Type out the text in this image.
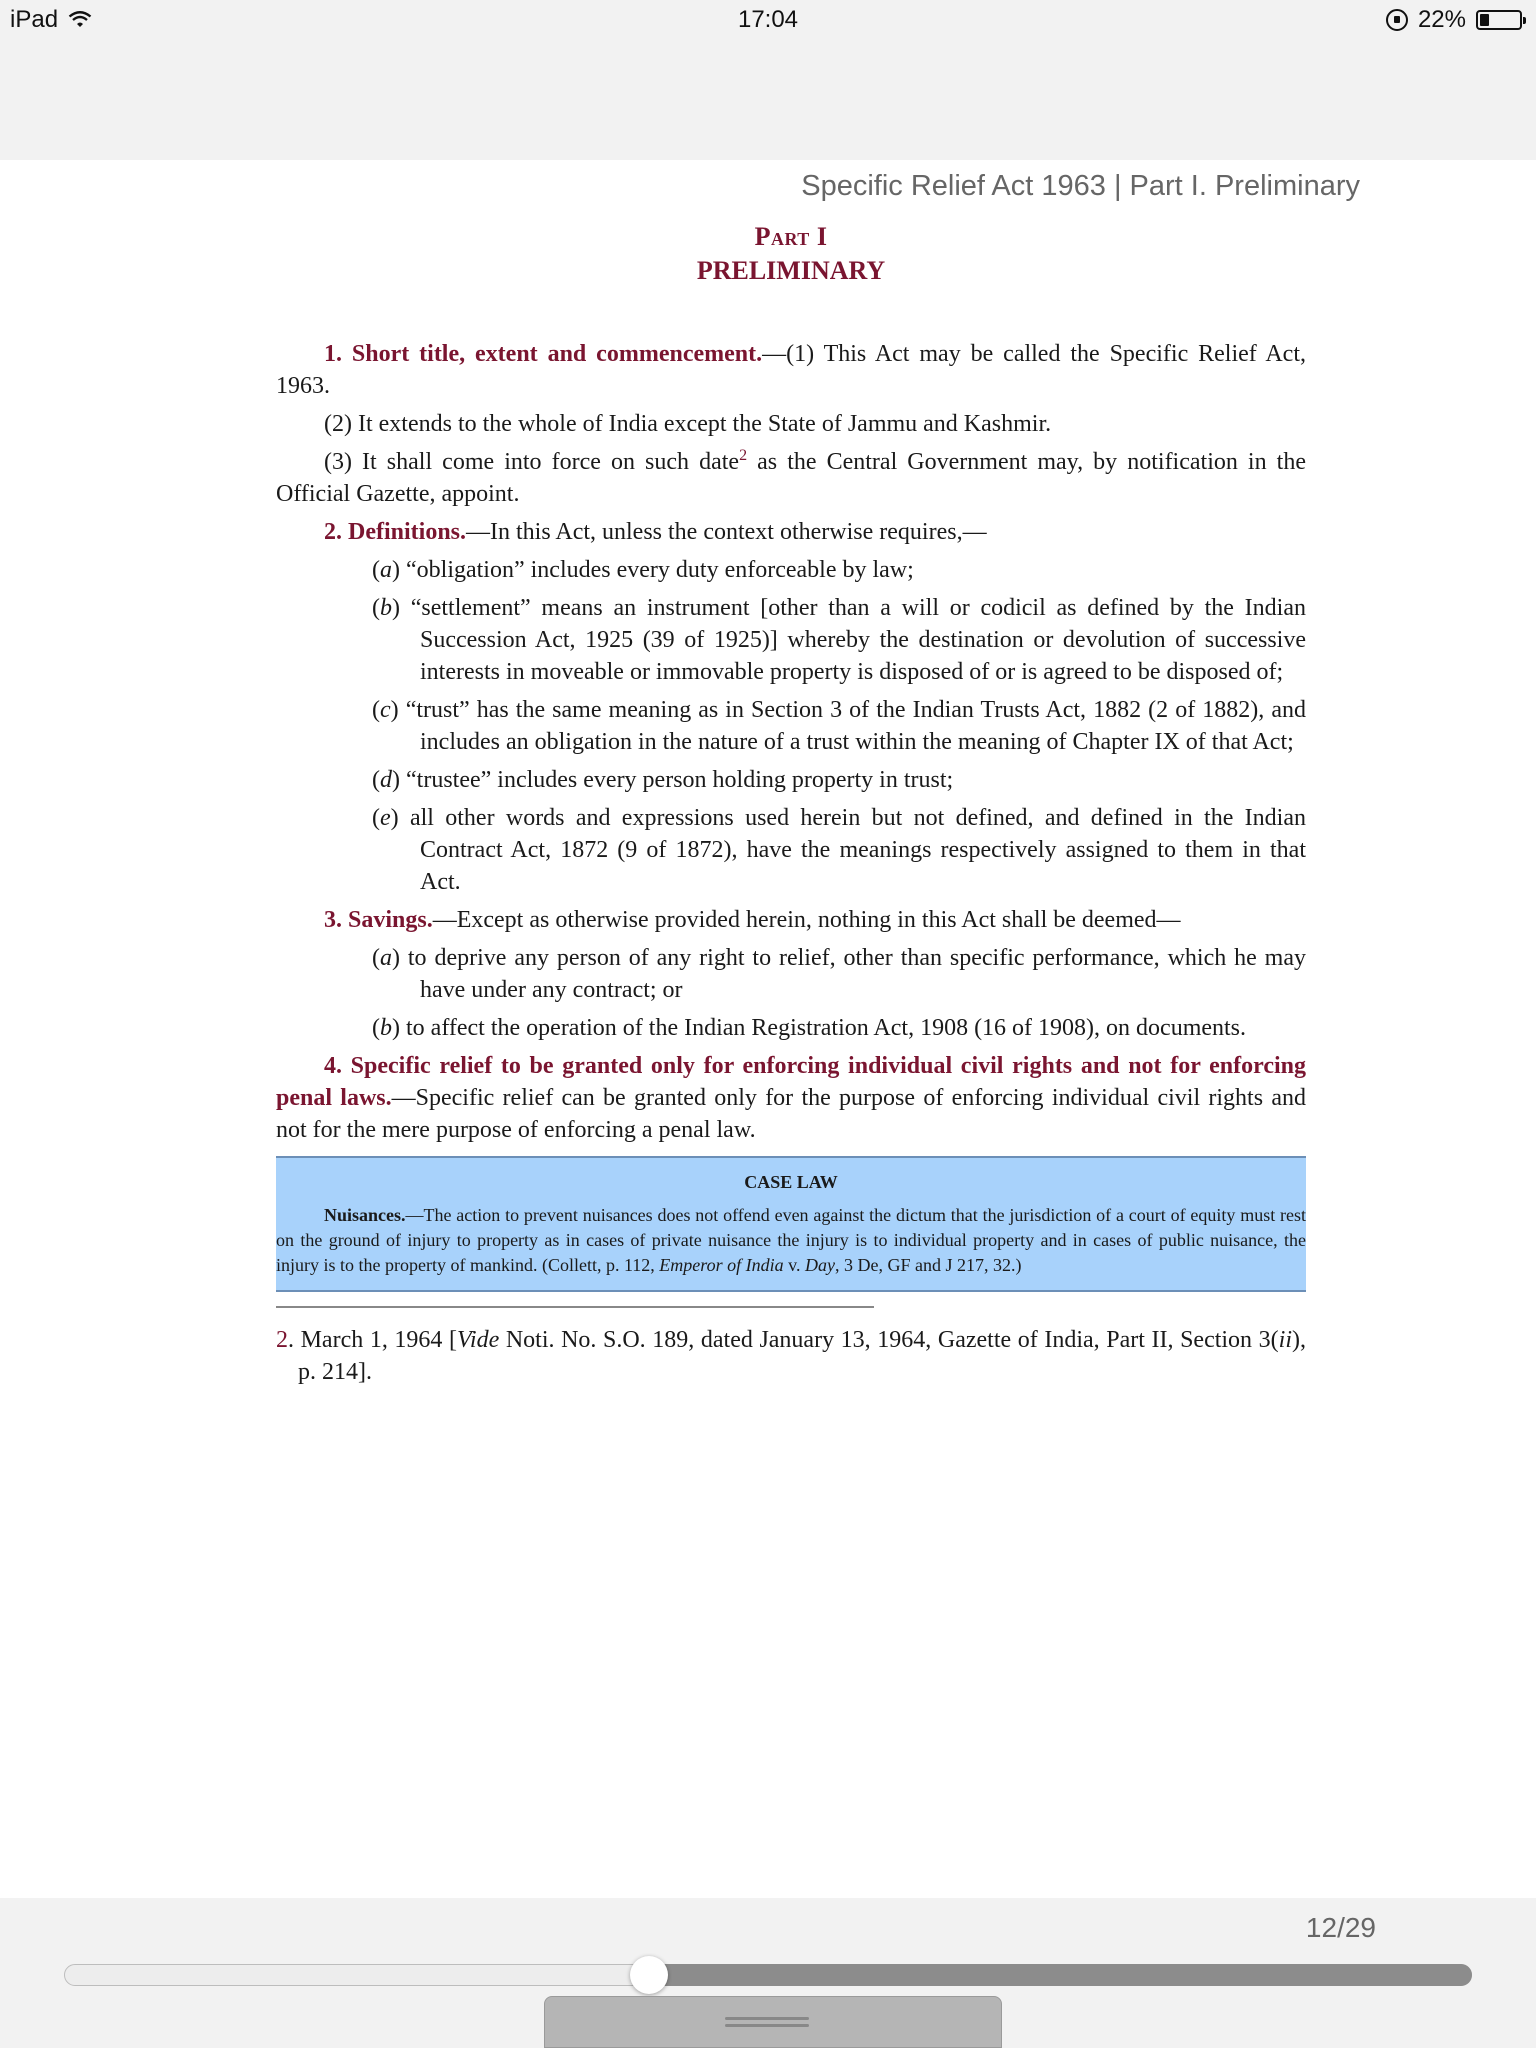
iPad	17:04	22%
Specific Relief Act 1963 | Part I. Preliminary
Part I
PRELIMINARY
1. Short title, extent and commencement.—(1) This Act may be called the Specific Relief Act, 1963.
(2) It extends to the whole of India except the State of Jammu and Kashmir.
(3) It shall come into force on such date$^2$ as the Central Government may, by notification in the Official Gazette, appoint.
2. Definitions.—In this Act, unless the context otherwise requires,—
(a) “obligation” includes every duty enforceable by law;
(b) “settlement” means an instrument [other than a will or codicil as defined by the Indian Succession Act, 1925 (39 of 1925)] whereby the destination or devolution of successive interests in moveable or immovable property is disposed of or is agreed to be disposed of;
(c) “trust” has the same meaning as in Section 3 of the Indian Trusts Act, 1882 (2 of 1882), and includes an obligation in the nature of a trust within the meaning of Chapter IX of that Act;
(d) “trustee” includes every person holding property in trust;
(e) all other words and expressions used herein but not defined, and defined in the Indian Contract Act, 1872 (9 of 1872), have the meanings respectively assigned to them in that Act.
3. Savings.—Except as otherwise provided herein, nothing in this Act shall be deemed—
(a) to deprive any person of any right to relief, other than specific performance, which he may have under any contract; or
(b) to affect the operation of the Indian Registration Act, 1908 (16 of 1908), on documents.
4. Specific relief to be granted only for enforcing individual civil rights and not for enforcing penal laws.—Specific relief can be granted only for the purpose of enforcing individual civil rights and not for the mere purpose of enforcing a penal law.
CASE LAW
Nuisances.—The action to prevent nuisances does not offend even against the dictum that the jurisdiction of a court of equity must rest on the ground of injury to property as in cases of private nuisance the injury is to individual property and in cases of public nuisance, the injury is to the property of mankind. (Collett, p. 112, Emperor of India v. Day, 3 De, GF and J 217, 32.)
2. March 1, 1964 [Vide Noti. No. S.O. 189, dated January 13, 1964, Gazette of India, Part II, Section 3(ii), p. 214].
12/29
